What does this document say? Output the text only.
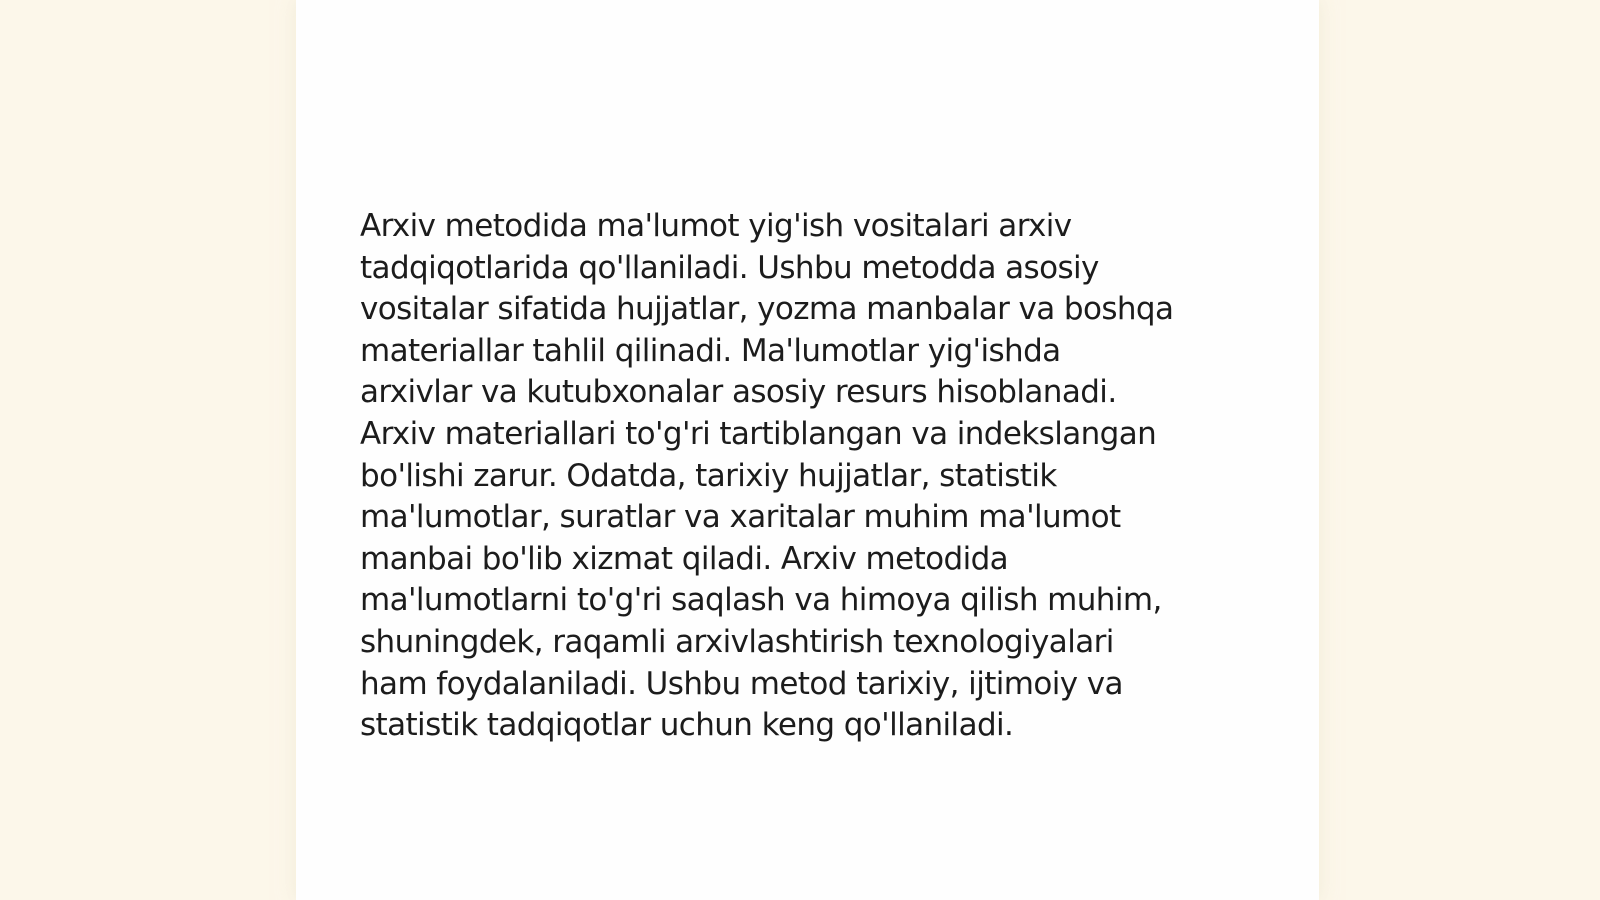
Arxiv metodida ma'lumot yig'ish vositalari arxiv
tadqiqotlarida qo'llaniladi. Ushbu metodda asosiy
vositalar sifatida hujjatlar, yozma manbalar va boshqa
materiallar tahlil qilinadi. Ma'lumotlar yig'ishda
arxivlar va kutubxonalar asosiy resurs hisoblanadi.
Arxiv materiallari to'g'ri tartiblangan va indekslangan
bo'lishi zarur. Odatda, tarixiy hujjatlar, statistik
ma'lumotlar, suratlar va xaritalar muhim ma'lumot
manbai bo'lib xizmat qiladi. Arxiv metodida
ma'lumotlarni to'g'ri saqlash va himoya qilish muhim,
shuningdek, raqamli arxivlashtirish texnologiyalari
ham foydalaniladi. Ushbu metod tarixiy, ijtimoiy va
statistik tadqiqotlar uchun keng qo'llaniladi.
